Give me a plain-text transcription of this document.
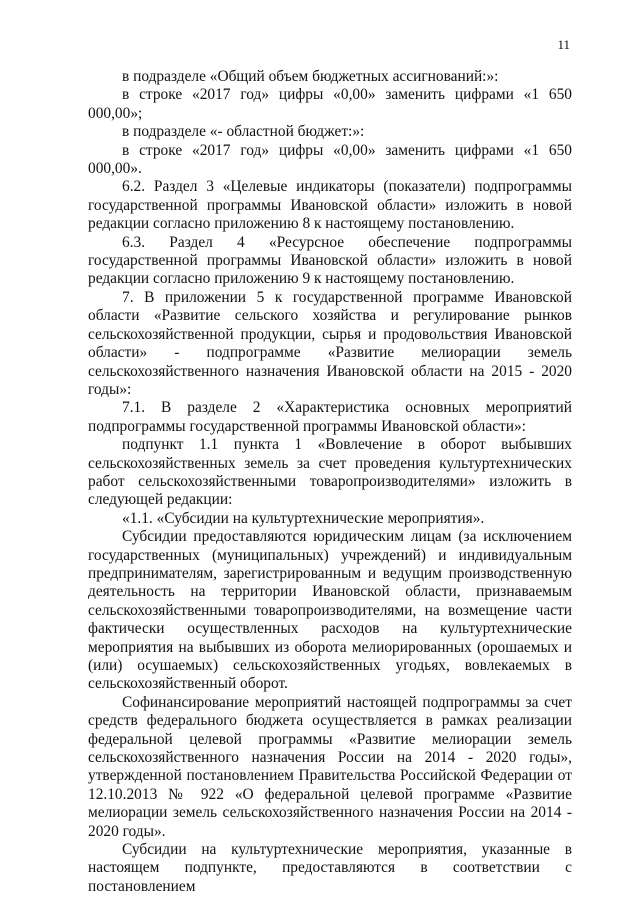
11

в подразделе «Общий объем бюджетных ассигнований:»:

в строке «2017 год» цифры «0,00» заменить цифрами «1 650 000,00»;

в подразделе «- областной бюджет:»:

в строке «2017 год» цифры «0,00» заменить цифрами «1 650 000,00».

6.2. Раздел 3 «Целевые индикаторы (показатели) подпрограммы государственной программы Ивановской области» изложить в новой редакции согласно приложению 8 к настоящему постановлению.

6.3. Раздел 4 «Ресурсное обеспечение подпрограммы государственной программы Ивановской области» изложить в новой редакции согласно приложению 9 к настоящему постановлению.

7. В приложении 5 к государственной программе Ивановской области «Развитие сельского хозяйства и регулирование рынков сельскохозяйственной продукции, сырья и продовольствия Ивановской области» - подпрограмме «Развитие мелиорации земель сельскохозяйственного назначения Ивановской области на 2015 - 2020 годы»:

7.1. В разделе 2 «Характеристика основных мероприятий подпрограммы государственной программы Ивановской области»:

подпункт 1.1 пункта 1 «Вовлечение в оборот выбывших сельскохозяйственных земель за счет проведения культуртехнических работ сельскохозяйственными товаропроизводителями» изложить в следующей редакции:

«1.1. «Субсидии на культуртехнические мероприятия».

Субсидии предоставляются юридическим лицам (за исключением государственных (муниципальных) учреждений) и индивидуальным предпринимателям, зарегистрированным и ведущим производственную деятельность на территории Ивановской области, признаваемым сельскохозяйственными товаропроизводителями, на возмещение части фактически осуществленных расходов на культуртехнические мероприятия на выбывших из оборота мелиорированных (орошаемых и (или) осушаемых) сельскохозяйственных угодьях, вовлекаемых в сельскохозяйственный оборот.

Софинансирование мероприятий настоящей подпрограммы за счет средств федерального бюджета осуществляется в рамках реализации федеральной целевой программы «Развитие мелиорации земель сельскохозяйственного назначения России на 2014 - 2020 годы», утвержденной постановлением Правительства Российской Федерации от 12.10.2013 № 922 «О федеральной целевой программе «Развитие мелиорации земель сельскохозяйственного назначения России на 2014 - 2020 годы».

Субсидии на культуртехнические мероприятия, указанные в настоящем подпункте, предоставляются в соответствии с постановлением
